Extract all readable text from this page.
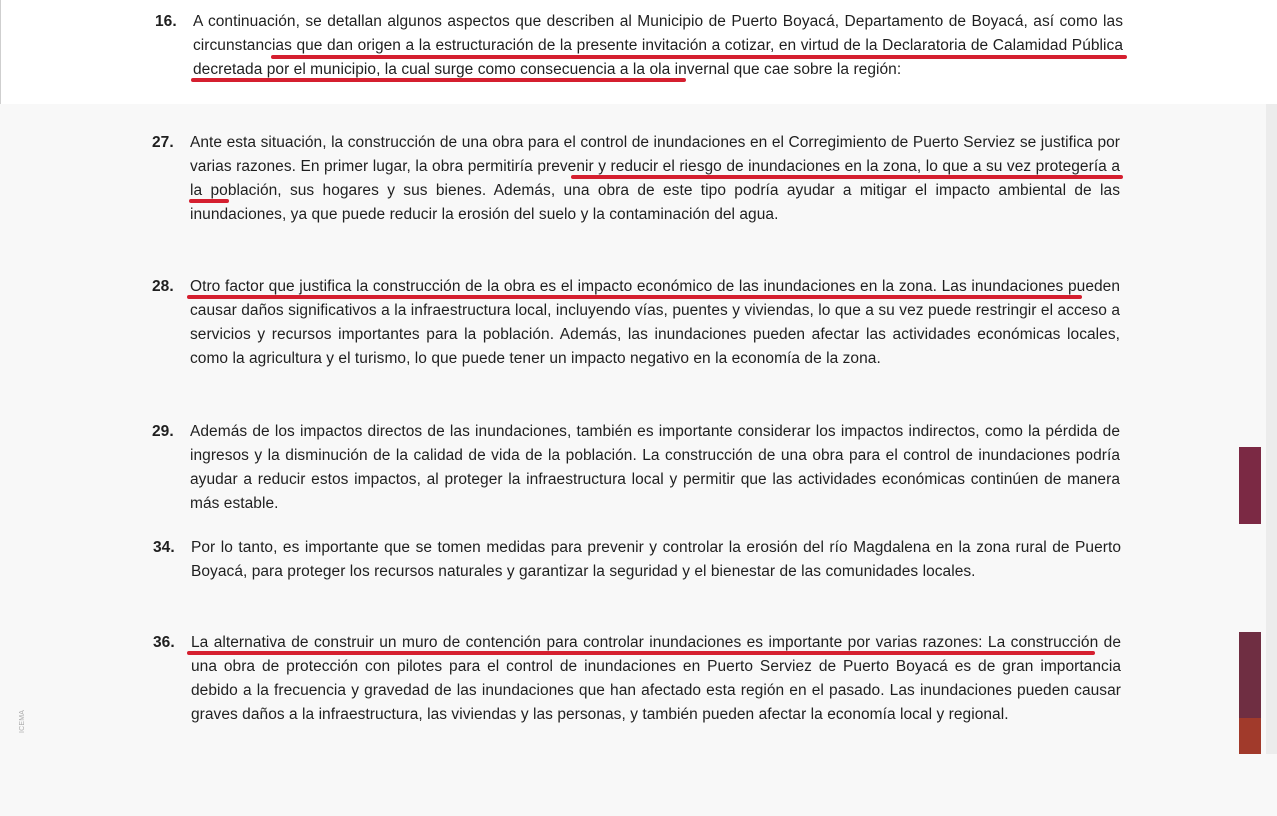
16. A continuación, se detallan algunos aspectos que describen al Municipio de Puerto Boyacá, Departamento de Boyacá, así como las circunstancias que dan origen a la estructuración de la presente invitación a cotizar, en virtud de la Declaratoria de Calamidad Pública decretada por el municipio, la cual surge como consecuencia a la ola invernal que cae sobre la región:
27. Ante esta situación, la construcción de una obra para el control de inundaciones en el Corregimiento de Puerto Serviez se justifica por varias razones. En primer lugar, la obra permitiría prevenir y reducir el riesgo de inundaciones en la zona, lo que a su vez protegería a la población, sus hogares y sus bienes. Además, una obra de este tipo podría ayudar a mitigar el impacto ambiental de las inundaciones, ya que puede reducir la erosión del suelo y la contaminación del agua.
28. Otro factor que justifica la construcción de la obra es el impacto económico de las inundaciones en la zona. Las inundaciones pueden causar daños significativos a la infraestructura local, incluyendo vías, puentes y viviendas, lo que a su vez puede restringir el acceso a servicios y recursos importantes para la población. Además, las inundaciones pueden afectar las actividades económicas locales, como la agricultura y el turismo, lo que puede tener un impacto negativo en la economía de la zona.
29. Además de los impactos directos de las inundaciones, también es importante considerar los impactos indirectos, como la pérdida de ingresos y la disminución de la calidad de vida de la población. La construcción de una obra para el control de inundaciones podría ayudar a reducir estos impactos, al proteger la infraestructura local y permitir que las actividades económicas continúen de manera más estable.
34. Por lo tanto, es importante que se tomen medidas para prevenir y controlar la erosión del río Magdalena en la zona rural de Puerto Boyacá, para proteger los recursos naturales y garantizar la seguridad y el bienestar de las comunidades locales.
36. La alternativa de construir un muro de contención para controlar inundaciones es importante por varias razones: La construcción de una obra de protección con pilotes para el control de inundaciones en Puerto Serviez de Puerto Boyacá es de gran importancia debido a la frecuencia y gravedad de las inundaciones que han afectado esta región en el pasado. Las inundaciones pueden causar graves daños a la infraestructura, las viviendas y las personas, y también pueden afectar la economía local y regional.
ICEMA
